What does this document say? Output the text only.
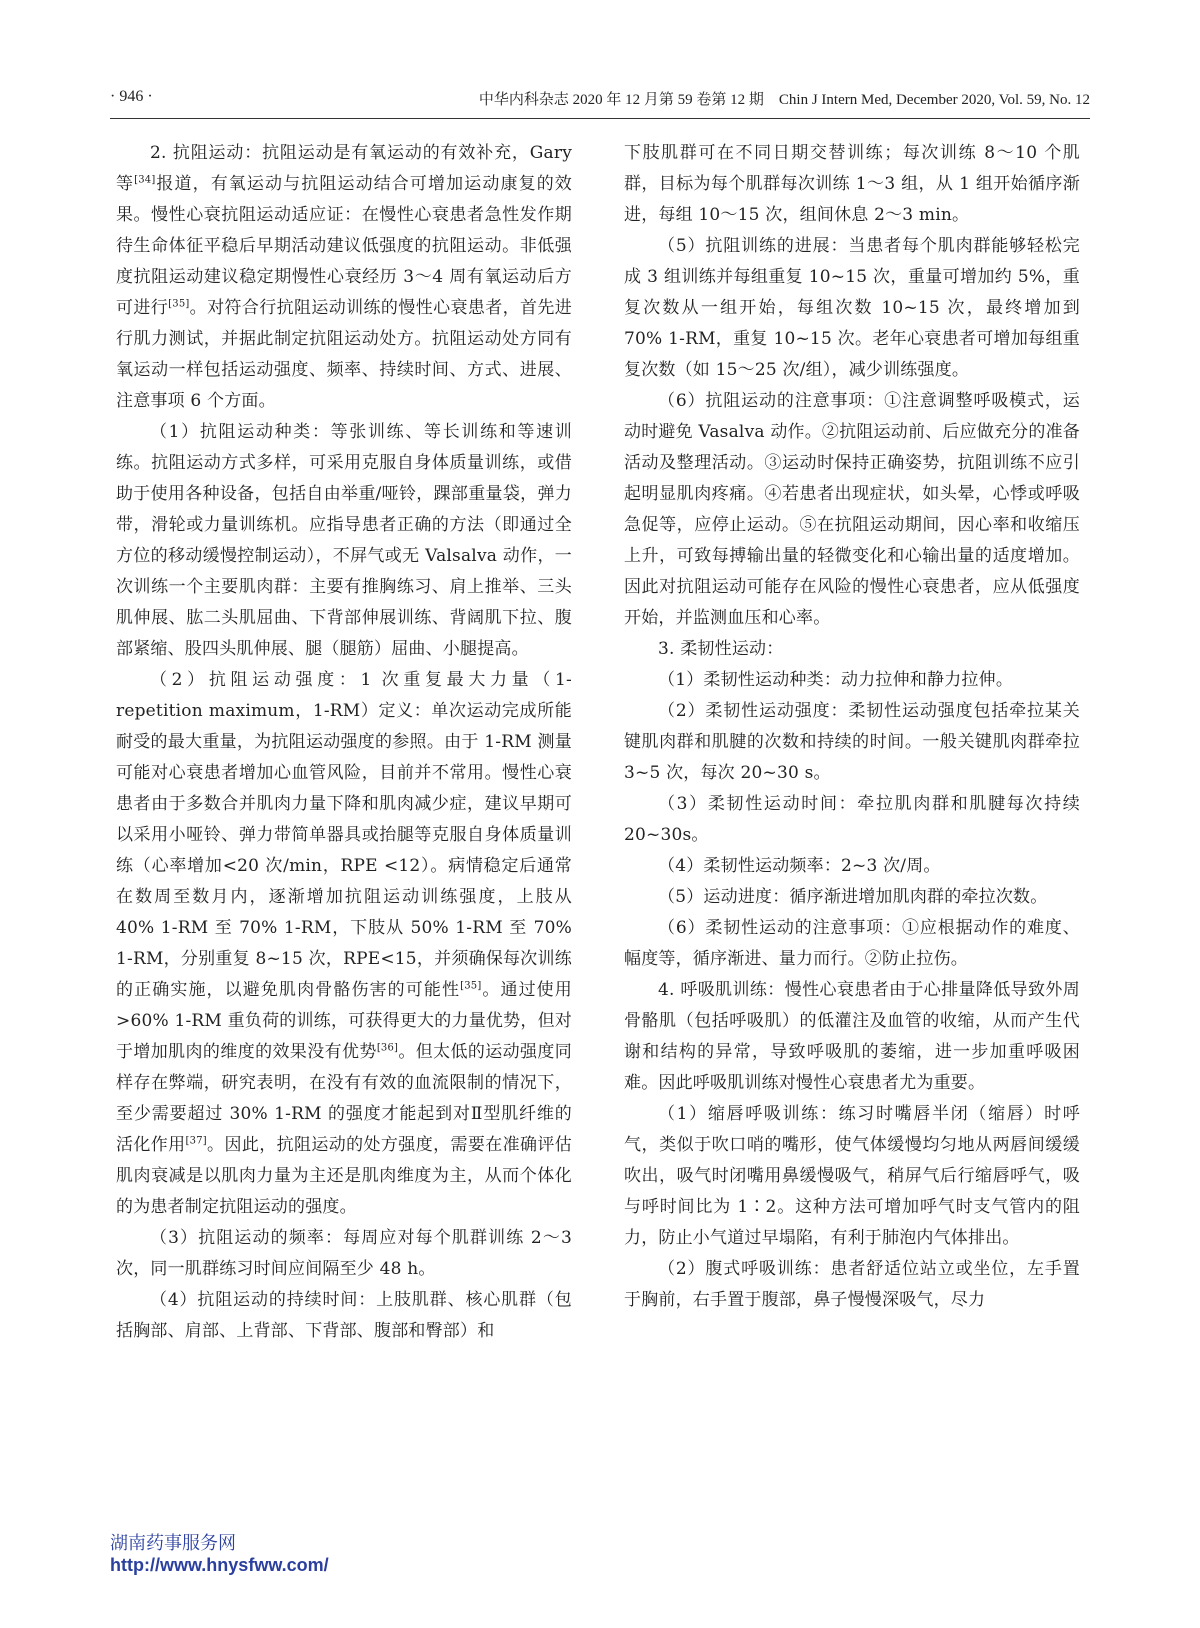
· 946 ·	中华内科杂志 2020 年 12 月第 59 卷第 12 期　Chin J Intern Med, December 2020, Vol. 59, No. 12

2. 抗阻运动：抗阻运动是有氧运动的有效补充，Gary 等[34]报道，有氧运动与抗阻运动结合可增加运动康复的效果。慢性心衰抗阻运动适应证：在慢性心衰患者急性发作期待生命体征平稳后早期活动建议低强度的抗阻运动。非低强度抗阻运动建议稳定期慢性心衰经历 3～4 周有氧运动后方可进行[35]。对符合行抗阻运动训练的慢性心衰患者，首先进行肌力测试，并据此制定抗阻运动处方。抗阻运动处方同有氧运动一样包括运动强度、频率、持续时间、方式、进展、注意事项 6 个方面。

（1）抗阻运动种类：等张训练、等长训练和等速训练。抗阻运动方式多样，可采用克服自身体质量训练，或借助于使用各种设备，包括自由举重/哑铃，踝部重量袋，弹力带，滑轮或力量训练机。应指导患者正确的方法（即通过全方位的移动缓慢控制运动），不屏气或无 Valsalva 动作，一次训练一个主要肌肉群：主要有推胸练习、肩上推举、三头肌伸展、肱二头肌屈曲、下背部伸展训练、背阔肌下拉、腹部紧缩、股四头肌伸展、腿（腿筋）屈曲、小腿提高。

（2）抗阻运动强度：1 次重复最大力量（1-repetition maximum，1-RM）定义：单次运动完成所能耐受的最大重量，为抗阻运动强度的参照。由于 1-RM 测量可能对心衰患者增加心血管风险，目前并不常用。慢性心衰患者由于多数合并肌肉力量下降和肌肉减少症，建议早期可以采用小哑铃、弹力带简单器具或抬腿等克服自身体质量训练（心率增加<20 次/min，RPE <12）。病情稳定后通常在数周至数月内，逐渐增加抗阻运动训练强度，上肢从 40% 1-RM 至 70% 1-RM，下肢从 50% 1-RM 至 70% 1-RM，分别重复 8~15 次，RPE<15，并须确保每次训练的正确实施，以避免肌肉骨骼伤害的可能性[35]。通过使用>60% 1-RM 重负荷的训练，可获得更大的力量优势，但对于增加肌肉的维度的效果没有优势[36]。但太低的运动强度同样存在弊端，研究表明，在没有有效的血流限制的情况下，至少需要超过 30% 1-RM 的强度才能起到对Ⅱ型肌纤维的活化作用[37]。因此，抗阻运动的处方强度，需要在准确评估肌肉衰减是以肌肉力量为主还是肌肉维度为主，从而个体化的为患者制定抗阻运动的强度。

（3）抗阻运动的频率：每周应对每个肌群训练 2～3 次，同一肌群练习时间应间隔至少 48 h。

（4）抗阻运动的持续时间：上肢肌群、核心肌群（包括胸部、肩部、上背部、下背部、腹部和臀部）和

下肢肌群可在不同日期交替训练；每次训练 8～10 个肌群，目标为每个肌群每次训练 1～3 组，从 1 组开始循序渐进，每组 10～15 次，组间休息 2～3 min。

（5）抗阻训练的进展：当患者每个肌肉群能够轻松完成 3 组训练并每组重复 10~15 次，重量可增加约 5%，重复次数从一组开始，每组次数 10~15 次，最终增加到 70% 1-RM，重复 10~15 次。老年心衰患者可增加每组重复次数（如 15～25 次/组），减少训练强度。

（6）抗阻运动的注意事项：①注意调整呼吸模式，运动时避免 Vasalva 动作。②抗阻运动前、后应做充分的准备活动及整理活动。③运动时保持正确姿势，抗阻训练不应引起明显肌肉疼痛。④若患者出现症状，如头晕，心悸或呼吸急促等，应停止运动。⑤在抗阻运动期间，因心率和收缩压上升，可致每搏输出量的轻微变化和心输出量的适度增加。因此对抗阻运动可能存在风险的慢性心衰患者，应从低强度开始，并监测血压和心率。

3. 柔韧性运动：

（1）柔韧性运动种类：动力拉伸和静力拉伸。

（2）柔韧性运动强度：柔韧性运动强度包括牵拉某关键肌肉群和肌腱的次数和持续的时间。一般关键肌肉群牵拉 3~5 次，每次 20~30 s。

（3）柔韧性运动时间：牵拉肌肉群和肌腱每次持续 20~30s。

（4）柔韧性运动频率：2~3 次/周。

（5）运动进度：循序渐进增加肌肉群的牵拉次数。

（6）柔韧性运动的注意事项：①应根据动作的难度、幅度等，循序渐进、量力而行。②防止拉伤。

4. 呼吸肌训练：慢性心衰患者由于心排量降低导致外周骨骼肌（包括呼吸肌）的低灌注及血管的收缩，从而产生代谢和结构的异常，导致呼吸肌的萎缩，进一步加重呼吸困难。因此呼吸肌训练对慢性心衰患者尤为重要。

（1）缩唇呼吸训练：练习时嘴唇半闭（缩唇）时呼气，类似于吹口哨的嘴形，使气体缓慢均匀地从两唇间缓缓吹出，吸气时闭嘴用鼻缓慢吸气，稍屏气后行缩唇呼气，吸与呼时间比为 1∶2。这种方法可增加呼气时支气管内的阻力，防止小气道过早塌陷，有利于肺泡内气体排出。

（2）腹式呼吸训练：患者舒适位站立或坐位，左手置于胸前，右手置于腹部，鼻子慢慢深吸气，尽力

湖南药事服务网
http://www.hnysfww.com/
